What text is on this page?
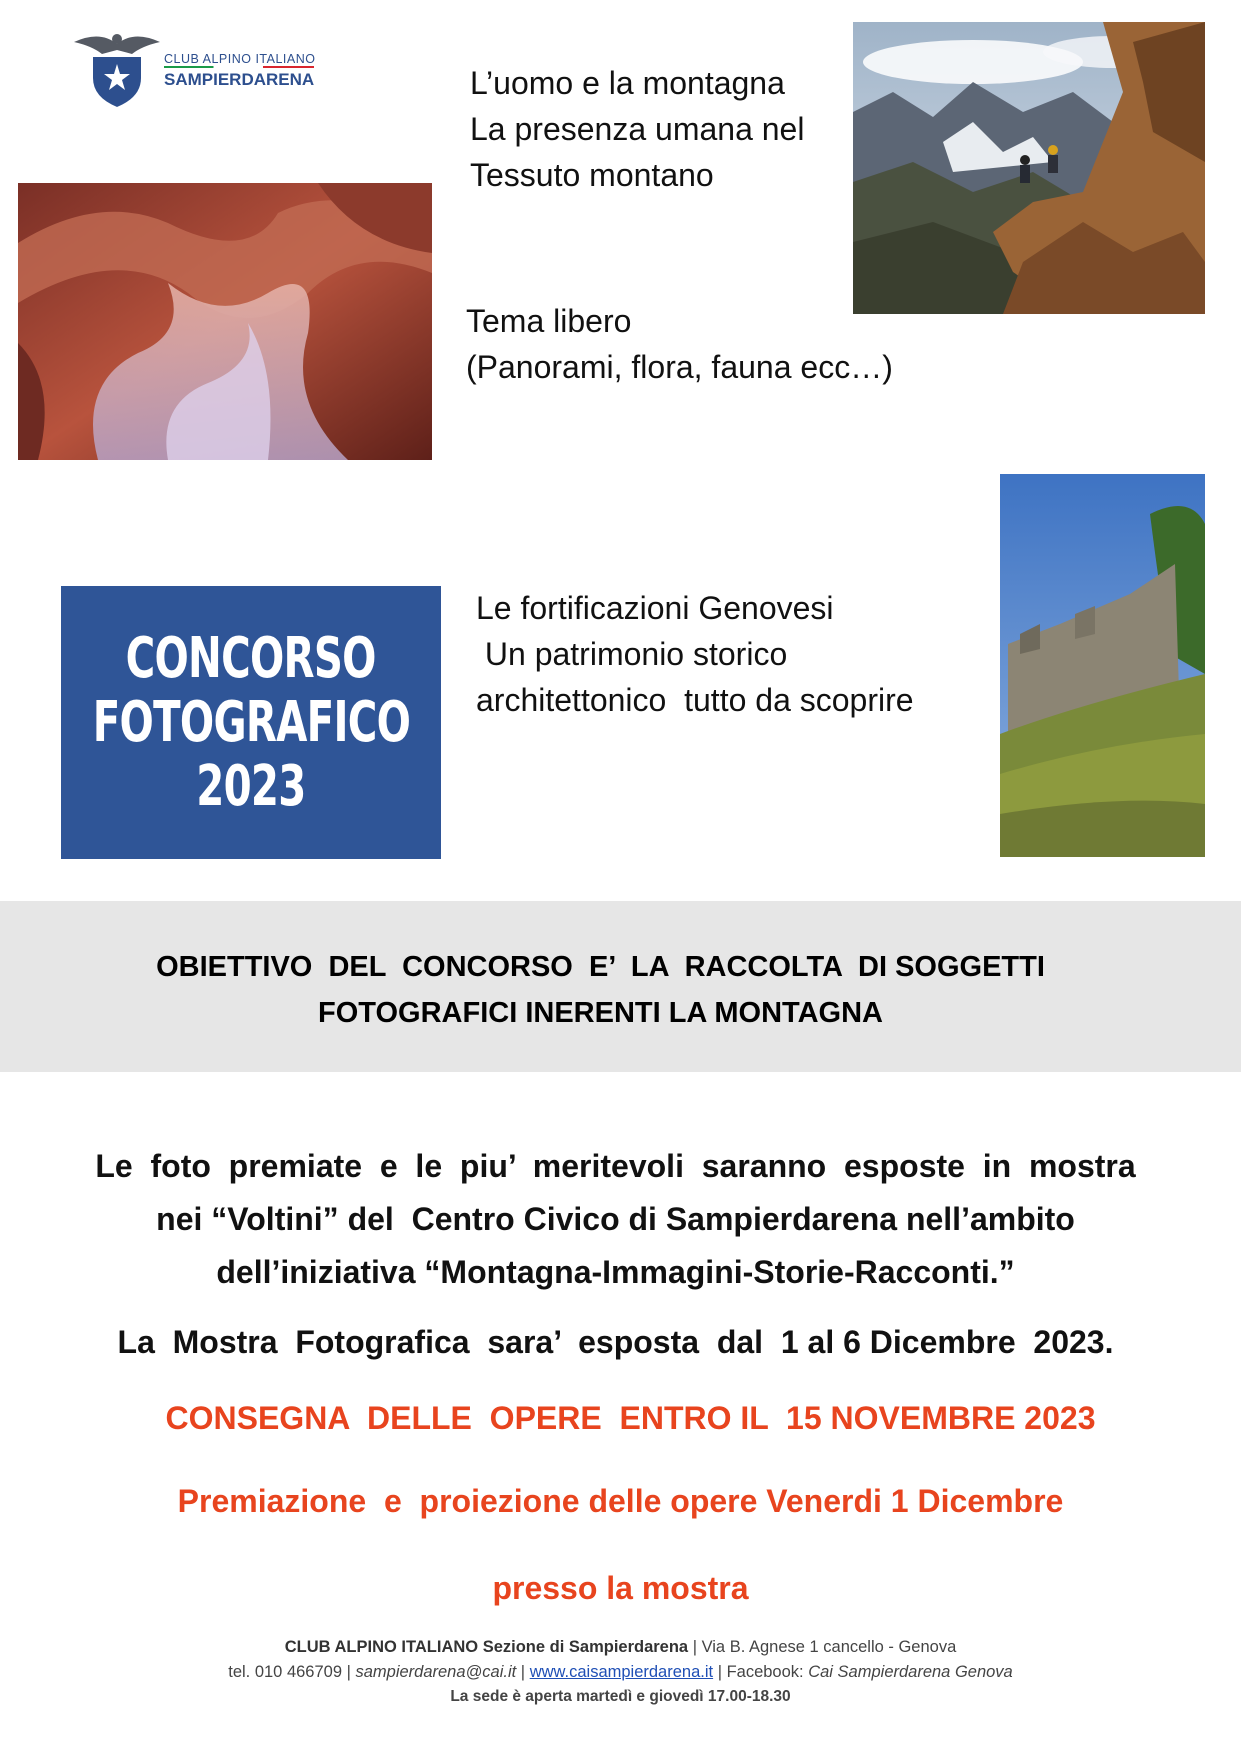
CLUB ALPINO ITALIANO
SAMPIERDARENA	L’uomo e la montagna
La presenza umana nel
Tessuto montano
Tema libero
(Panorami, flora, fauna ecc…)
Le fortificazioni Genovesi
Un patrimonio storico
architettonico  tutto da scoprire
CONCORSO
FOTOGRAFICO
2023
OBIETTIVO  DEL  CONCORSO  E’  LA  RACCOLTA  DI SOGGETTI
FOTOGRAFICI INERENTI LA MONTAGNA
Le  foto  premiate  e  le  piu’  meritevoli  saranno  esposte  in  mostra
nei “Voltini” del  Centro Civico di Sampierdarena nell’ambito
dell’iniziativa “Montagna-Immagini-Storie-Racconti.”
La  Mostra  Fotografica  sara’  esposta  dal  1 al 6 Dicembre  2023.
CONSEGNA  DELLE  OPERE  ENTRO IL  15 NOVEMBRE 2023
Premiazione  e  proiezione delle opere Venerdi 1 Dicembre
presso la mostra
CLUB ALPINO ITALIANO Sezione di Sampierdarena | Via B. Agnese 1 cancello - Genova
tel. 010 466709 | sampierdarena@cai.it | www.caisampierdarena.it | Facebook: Cai Sampierdarena Genova
La sede è aperta martedì e giovedì 17.00-18.30
